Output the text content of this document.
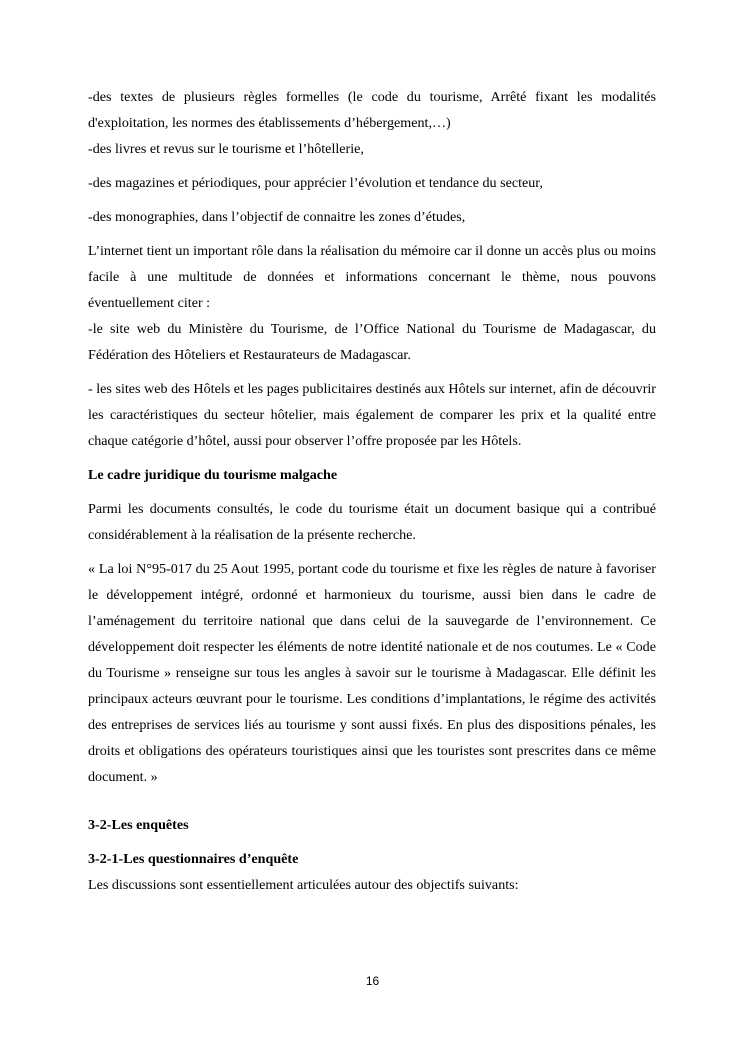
-des textes de plusieurs règles formelles (le code du tourisme, Arrêté fixant les modalités d'exploitation, les normes des établissements d’hébergement,…)

-des livres et revus sur le tourisme et l’hôtellerie,

-des magazines et périodiques, pour apprécier l’évolution et tendance du secteur,

-des monographies, dans l’objectif de connaitre les zones d’études,

L’internet tient un important rôle dans la réalisation du mémoire car il donne un accès plus ou moins facile à une multitude de données et informations concernant le thème, nous pouvons éventuellement citer :

-le site web du Ministère du Tourisme, de l’Office National du Tourisme de Madagascar, du Fédération des Hôteliers et Restaurateurs de Madagascar.

- les sites web des Hôtels et les pages publicitaires destinés aux Hôtels sur internet, afin de découvrir les caractéristiques du secteur hôtelier, mais également de comparer les prix et la qualité entre chaque catégorie d’hôtel, aussi pour observer l’offre proposée par les Hôtels.

Le cadre juridique du tourisme malgache

Parmi les documents consultés, le code du tourisme était un document basique qui a contribué considérablement à la réalisation de la présente recherche.

« La loi N°95-017 du 25 Aout 1995, portant code du tourisme et fixe les règles de nature à favoriser le développement intégré, ordonné et harmonieux du tourisme, aussi bien dans le cadre de l’aménagement du territoire national que dans celui de la sauvegarde de l’environnement. Ce développement doit respecter les éléments de notre identité nationale et de nos coutumes. Le « Code du Tourisme » renseigne sur tous les angles à savoir sur le tourisme à Madagascar. Elle définit les principaux acteurs œuvrant pour le tourisme. Les conditions d’implantations, le régime des activités des entreprises de services liés au tourisme y sont aussi fixés. En plus des dispositions pénales, les droits et obligations des opérateurs touristiques ainsi que les touristes sont prescrites dans ce même document. »

3-2-Les enquêtes

3-2-1-Les questionnaires d’enquête

Les discussions sont essentiellement articulées autour des objectifs suivants:

16
